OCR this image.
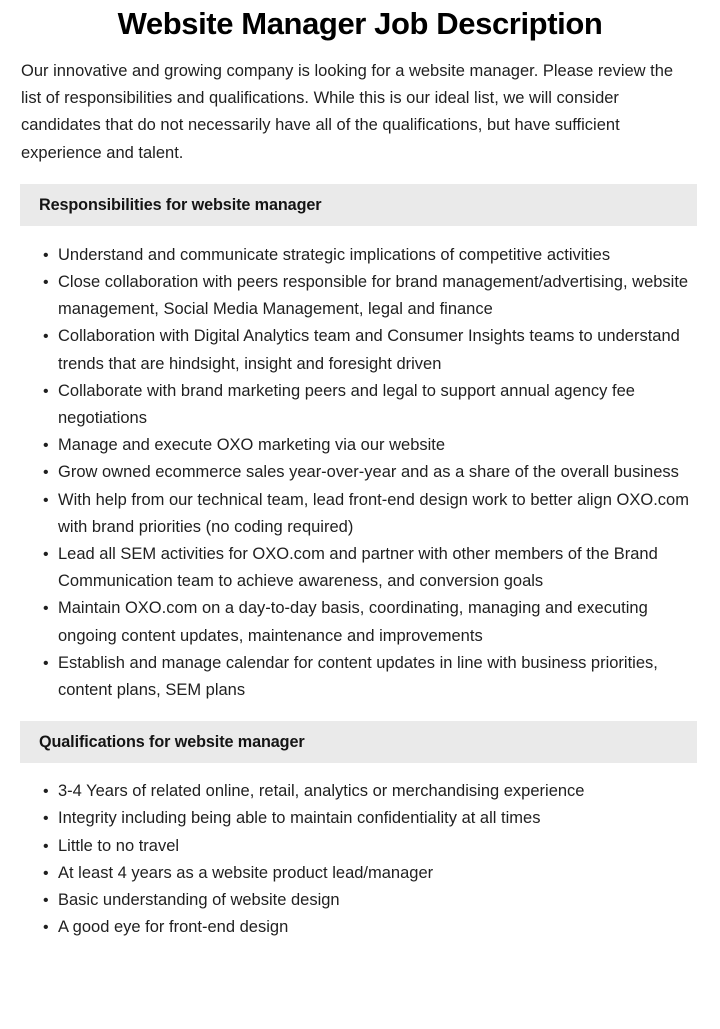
Website Manager Job Description

Our innovative and growing company is looking for a website manager. Please review the list of responsibilities and qualifications. While this is our ideal list, we will consider candidates that do not necessarily have all of the qualifications, but have sufficient experience and talent.

Responsibilities for website manager
• Understand and communicate strategic implications of competitive activities
• Close collaboration with peers responsible for brand management/advertising, website management, Social Media Management, legal and finance
• Collaboration with Digital Analytics team and Consumer Insights teams to understand trends that are hindsight, insight and foresight driven
• Collaborate with brand marketing peers and legal to support annual agency fee negotiations
• Manage and execute OXO marketing via our website
• Grow owned ecommerce sales year-over-year and as a share of the overall business
• With help from our technical team, lead front-end design work to better align OXO.com with brand priorities (no coding required)
• Lead all SEM activities for OXO.com and partner with other members of the Brand Communication team to achieve awareness, and conversion goals
• Maintain OXO.com on a day-to-day basis, coordinating, managing and executing ongoing content updates, maintenance and improvements
• Establish and manage calendar for content updates in line with business priorities, content plans, SEM plans
Qualifications for website manager
• 3-4 Years of related online, retail, analytics or merchandising experience
• Integrity including being able to maintain confidentiality at all times
• Little to no travel
• At least 4 years as a website product lead/manager
• Basic understanding of website design
• A good eye for front-end design
